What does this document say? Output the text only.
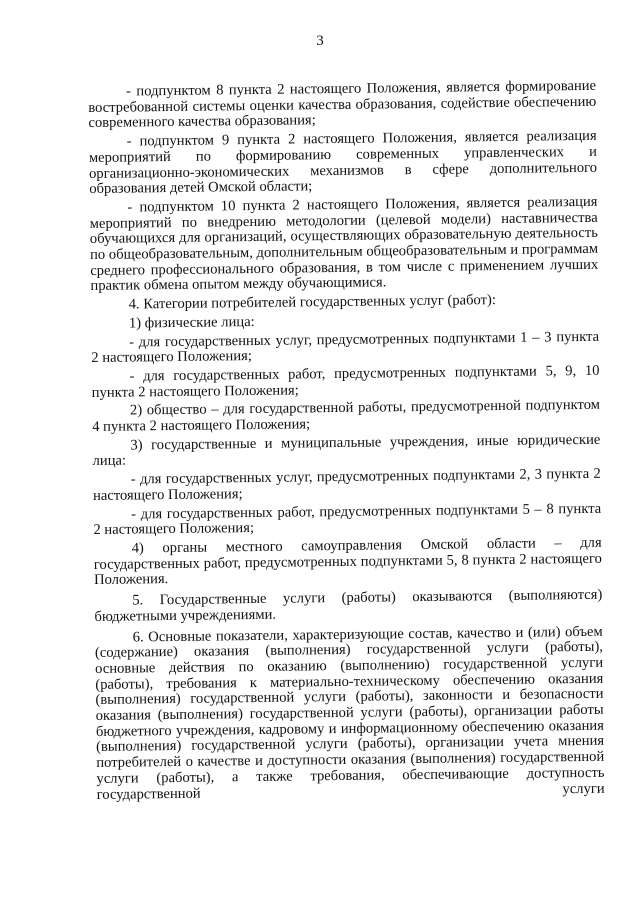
3

- подпунктом 8 пункта 2 настоящего Положения, является формирование востребованной системы оценки качества образования, содействие обеспечению современного качества образования;

- подпунктом 9 пункта 2 настоящего Положения, является реализация мероприятий по формированию современных управленческих и организационно-экономических механизмов в сфере дополнительного образования детей Омской области;

- подпунктом 10 пункта 2 настоящего Положения, является реализация мероприятий по внедрению методологии (целевой модели) наставничества обучающихся для организаций, осуществляющих образовательную деятельность по общеобразовательным, дополнительным общеобразовательным и программам среднего профессионального образования, в том числе с применением лучших практик обмена опытом между обучающимися.

4. Категории потребителей государственных услуг (работ):

1) физические лица:

- для государственных услуг, предусмотренных подпунктами 1 – 3 пункта 2 настоящего Положения;

- для государственных работ, предусмотренных подпунктами 5, 9, 10 пункта 2 настоящего Положения;

2) общество – для государственной работы, предусмотренной подпунктом 4 пункта 2 настоящего Положения;

3) государственные и муниципальные учреждения, иные юридические лица:

- для государственных услуг, предусмотренных подпунктами 2, 3 пункта 2 настоящего Положения;

- для государственных работ, предусмотренных подпунктами 5 – 8 пункта 2 настоящего Положения;

4) органы местного самоуправления Омской области – для государственных работ, предусмотренных подпунктами 5, 8 пункта 2 настоящего Положения.

5. Государственные услуги (работы) оказываются (выполняются) бюджетными учреждениями.

6. Основные показатели, характеризующие состав, качество и (или) объем (содержание) оказания (выполнения) государственной услуги (работы), основные действия по оказанию (выполнению) государственной услуги (работы), требования к материально-техническому обеспечению оказания (выполнения) государственной услуги (работы), законности и безопасности оказания (выполнения) государственной услуги (работы), организации работы бюджетного учреждения, кадровому и информационному обеспечению оказания (выполнения) государственной услуги (работы), организации учета мнения потребителей о качестве и доступности оказания (выполнения) государственной услуги (работы), а также требования, обеспечивающие доступность государственной услуги
